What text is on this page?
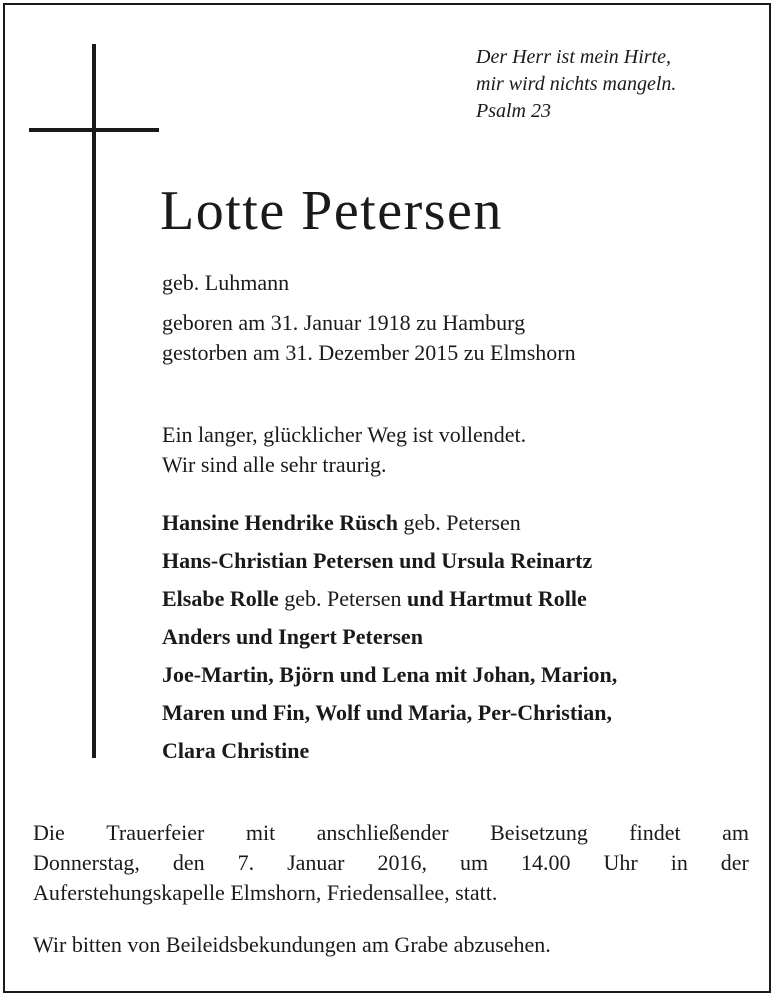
Der Herr ist mein Hirte,
mir wird nichts mangeln.
Psalm 23
Lotte Petersen
geb. Luhmann
geboren am 31. Januar 1918 zu Hamburg
gestorben am 31. Dezember 2015 zu Elmshorn
Ein langer, glücklicher Weg ist vollendet.
Wir sind alle sehr traurig.
Hansine Hendrike Rüsch geb. Petersen
Hans-Christian Petersen und Ursula Reinartz
Elsabe Rolle geb. Petersen und Hartmut Rolle
Anders und Ingert Petersen
Joe-Martin, Björn und Lena mit Johan, Marion,
Maren und Fin, Wolf und Maria, Per-Christian,
Clara Christine
Die Trauerfeier mit anschließender Beisetzung findet am
Donnerstag, den 7. Januar 2016, um 14.00 Uhr in der
Auferstehungskapelle Elmshorn, Friedensallee, statt.
Wir bitten von Beileidsbekundungen am Grabe abzusehen.
